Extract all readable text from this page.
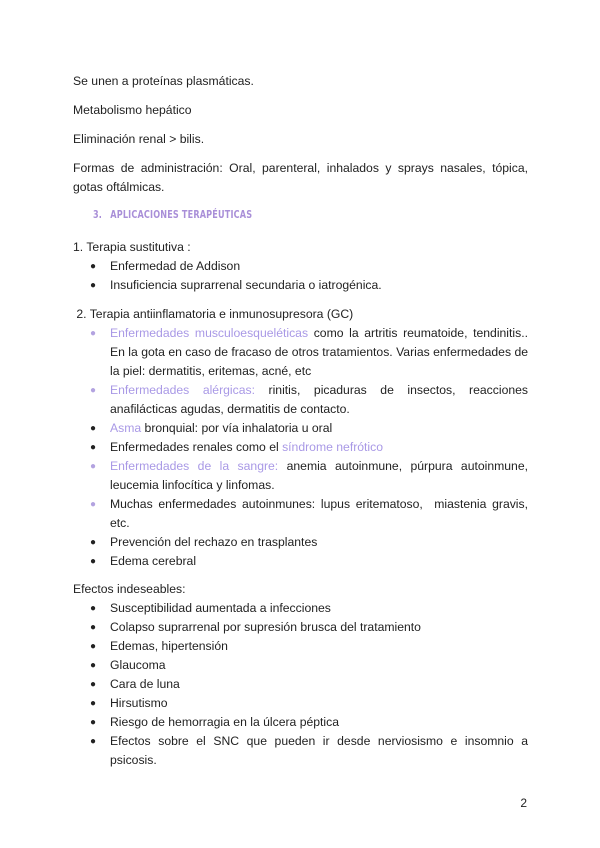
Se unen a proteínas plasmáticas.

Metabolismo hepático

Eliminación renal > bilis.

Formas de administración: Oral, parenteral, inhalados y sprays nasales, tópica, gotas oftálmicas.

3. APLICACIONES TERAPÉUTICAS

1. Terapia sustitutiva :

● Enfermedad de Addison
● Insuficiencia suprarrenal secundaria o iatrogénica.

2. Terapia antiinflamatoria e inmunosupresora (GC)

● Enfermedades musculoesqueléticas como la artritis reumatoide, tendinitis.. En la gota en caso de fracaso de otros tratamientos. Varias enfermedades de la piel: dermatitis, eritemas, acné, etc
● Enfermedades alérgicas: rinitis, picaduras de insectos, reacciones anafilácticas agudas, dermatitis de contacto.
● Asma bronquial: por vía inhalatoria u oral
● Enfermedades renales como el síndrome nefrótico
● Enfermedades de la sangre: anemia autoinmune, púrpura autoinmune, leucemia linfocítica y linfomas.
● Muchas enfermedades autoinmunes: lupus eritematoso,  miastenia gravis, etc.
● Prevención del rechazo en trasplantes
● Edema cerebral

Efectos indeseables:

● Susceptibilidad aumentada a infecciones
● Colapso suprarrenal por supresión brusca del tratamiento
● Edemas, hipertensión
● Glaucoma
● Cara de luna
● Hirsutismo
● Riesgo de hemorragia en la úlcera péptica
● Efectos sobre el SNC que pueden ir desde nerviosismo e insomnio a psicosis.
2
